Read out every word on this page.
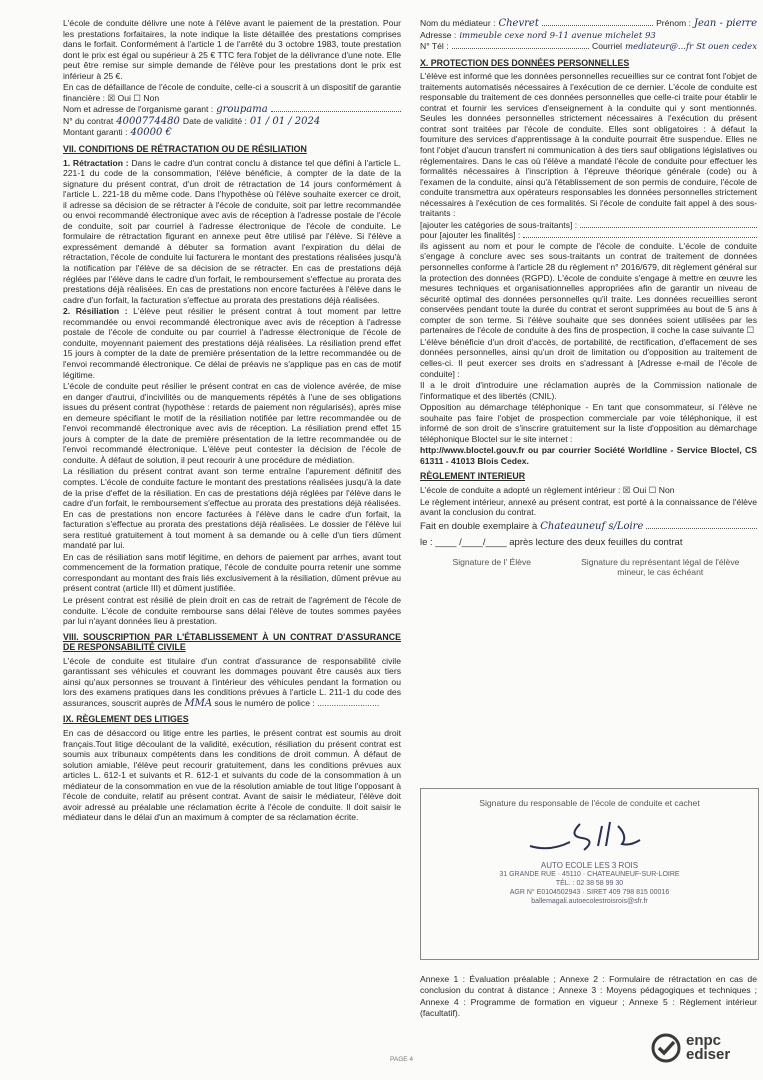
L'école de conduite délivre une note à l'élève avant le paiement de la prestation. Pour les prestations forfaitaires, la note indique la liste détaillée des prestations comprises dans le forfait. Conformément à l'article 1 de l'arrêté du 3 octobre 1983, toute prestation dont le prix est égal ou supérieur à 25 € TTC fera l'objet de la délivrance d'une note. Elle peut être remise sur simple demande de l'élève pour les prestations dont le prix est inférieur à 25 €.

En cas de défaillance de l'école de conduite, celle-ci a souscrit à un dispositif de garantie financière : ☒ Oui ☐ Non

Nom et adresse de l'organisme garant : groupama
N° du contrat 4000774480 Date de validité : 01 / 01 / 2024
Montant garanti : 40000 €
VII. CONDITIONS DE RÉTRACTATION OU DE RÉSILIATION

1. Rétractation : Dans le cadre d'un contrat conclu à distance tel que défini à l'article L. 221-1 du code de la consommation, l'élève bénéficie, à compter de la date de la signature du présent contrat, d'un droit de rétractation de 14 jours conformément à l'article L. 221-18 du même code. Dans l'hypothèse où l'élève souhaite exercer ce droit, il adresse sa décision de se rétracter à l'école de conduite, soit par lettre recommandée ou envoi recommandé électronique avec avis de réception à l'adresse postale de l'école de conduite, soit par courriel à l'adresse électronique de l'école de conduite. Le formulaire de rétractation figurant en annexe peut être utilisé par l'élève. Si l'élève a expressément demandé à débuter sa formation avant l'expiration du délai de rétractation, l'école de conduite lui facturera le montant des prestations réalisées jusqu'à la notification par l'élève de sa décision de se rétracter. En cas de prestations déjà réglées par l'élève dans le cadre d'un forfait, le remboursement s'effectue au prorata des prestations déjà réalisées. En cas de prestations non encore facturées à l'élève dans le cadre d'un forfait, la facturation s'effectue au prorata des prestations déjà réalisées.

2. Résiliation : L'élève peut résilier le présent contrat à tout moment par lettre recommandée ou envoi recommandé électronique avec avis de réception à l'adresse postale de l'école de conduite ou par courriel à l'adresse électronique de l'école de conduite, moyennant paiement des prestations déjà réalisées. La résiliation prend effet 15 jours à compter de la date de première présentation de la lettre recommandée ou de l'envoi recommandé électronique. Ce délai de préavis ne s'applique pas en cas de motif légitime.

L'école de conduite peut résilier le présent contrat en cas de violence avérée, de mise en danger d'autrui, d'incivilités ou de manquements répétés à l'une de ses obligations issues du présent contrat (hypothèse : retards de paiement non régularisés), après mise en demeure spécifiant le motif de la résiliation notifiée par lettre recommandée ou de l'envoi recommandé électronique avec avis de réception. La résiliation prend effet 15 jours à compter de la date de première présentation de la lettre recommandée ou de l'envoi recommandé électronique. L'élève peut contester la décision de l'école de conduite. À défaut de solution, il peut recourir à une procédure de médiation.

La résiliation du présent contrat avant son terme entraîne l'apurement définitif des comptes. L'école de conduite facture le montant des prestations réalisées jusqu'à la date de la prise d'effet de la résiliation. En cas de prestations déjà réglées par l'élève dans le cadre d'un forfait, le remboursement s'effectue au prorata des prestations déjà réalisées. En cas de prestations non encore facturées à l'élève dans le cadre d'un forfait, la facturation s'effectue au prorata des prestations déjà réalisées. Le dossier de l'élève lui sera restitué gratuitement à tout moment à sa demande ou à celle d'un tiers dûment mandaté par lui.

En cas de résiliation sans motif légitime, en dehors de paiement par arrhes, avant tout commencement de la formation pratique, l'école de conduite pourra retenir une somme correspondant au montant des frais liés exclusivement à la résiliation, dûment prévue au présent contrat (article III) et dûment justifiée.

Le présent contrat est résilié de plein droit en cas de retrait de l'agrément de l'école de conduite. L'école de conduite rembourse sans délai l'élève de toutes sommes payées par lui n'ayant données lieu à prestation.

VIII. SOUSCRIPTION PAR L'ÉTABLISSEMENT À UN CONTRAT D'ASSURANCE DE RESPONSABILITÉ CIVILE

L'école de conduite est titulaire d'un contrat d'assurance de responsabilité civile garantissant ses véhicules et couvrant les dommages pouvant être causés aux tiers ainsi qu'aux personnes se trouvant à l'intérieur des véhicules pendant la formation ou lors des examens pratiques dans les conditions prévues à l'article L. 211-1 du code des assurances, souscrit auprès de MMA sous le numéro de police : ..........................

IX. RÈGLEMENT DES LITIGES

En cas de désaccord ou litige entre les parties, le présent contrat est soumis au droit français.Tout litige découlant de la validité, exécution, résiliation du présent contrat est soumis aux tribunaux compétents dans les conditions de droit commun. À défaut de solution amiable, l'élève peut recourir gratuitement, dans les conditions prévues aux articles L. 612-1 et suivants et R. 612-1 et suivants du code de la consommation à un médiateur de la consommation en vue de la résolution amiable de tout litige l'opposant à l'école de conduite, relatif au présent contrat. Avant de saisir le médiateur, l'élève doit avoir adressé au préalable une réclamation écrite à l'école de conduite. Il doit saisir le médiateur dans le délai d'un an maximum à compter de sa réclamation écrite.

Nom du médiateur : Chevret	Prénom : Jean - pierre
Adresse : immeuble cexe nord 9-11 avenue michelet 93
N° Tél :	Courriel mediateur@...fr St ouen cedex
X. PROTECTION DES DONNÉES PERSONNELLES

L'élève est informé que les données personnelles recueillies sur ce contrat font l'objet de traitements automatisés nécessaires à l'exécution de ce dernier. L'école de conduite est responsable du traitement de ces données personnelles que celle-ci traite pour établir le contrat et fournir les services d'enseignement à la conduite qui y sont mentionnés. Seules les données personnelles strictement nécessaires à l'exécution du présent contrat sont traitées par l'école de conduite. Elles sont obligatoires : à défaut la fourniture des services d'apprentissage à la conduite pourrait être suspendue. Elles ne font l'objet d'aucun transfert ni communication à des tiers sauf obligations législatives ou réglementaires. Dans le cas où l'élève a mandaté l'école de conduite pour effectuer les formalités nécessaires à l'inscription à l'épreuve théorique générale (code) ou à l'examen de la conduite, ainsi qu'à l'établissement de son permis de conduire, l'école de conduite transmettra aux opérateurs responsables les données personnelles strictement nécessaires à l'exécution de ces formalités. Si l'école de conduite fait appel à des sous-traitants :

[ajouter les catégories de sous-traitants] :
pour [ajouter les finalités] :

ils agissent au nom et pour le compte de l'école de conduite. L'école de conduite s'engage à conclure avec ses sous-traitants un contrat de traitement de données personnelles conforme à l'article 28 du règlement n° 2016/679, dit règlement général sur la protection des données (RGPD). L'école de conduite s'engage à mettre en œuvre les mesures techniques et organisationnelles appropriées afin de garantir un niveau de sécurité optimal des données personnelles qu'il traite. Les données recueillies seront conservées pendant toute la durée du contrat et seront supprimées au bout de 5 ans à compter de son terme. Si l'élève souhaite que ses données soient utilisées par les partenaires de l'école de conduite à des fins de prospection, il coche la case suivante ☐

L'élève bénéficie d'un droit d'accès, de portabilité, de rectification, d'effacement de ses données personnelles, ainsi qu'un droit de limitation ou d'opposition au traitement de celles-ci. Il peut exercer ses droits en s'adressant à [Adresse e-mail de l'école de conduite] :

Il a le droit d'introduire une réclamation auprès de la Commission nationale de l'informatique et des libertés (CNIL).

Opposition au démarchage téléphonique - En tant que consommateur, si l'élève ne souhaite pas faire l'objet de prospection commerciale par voie téléphonique, il est informé de son droit de s'inscrire gratuitement sur la liste d'opposition au démarchage téléphonique Bloctel sur le site internet :

http://www.bloctel.gouv.fr ou par courrier Société Worldline - Service Bloctel, CS 61311 - 41013 Blois Cedex.

RÈGLEMENT INTERIEUR

L'école de conduite a adopté un règlement intérieur : ☒ Oui ☐ Non

Le règlement intérieur, annexé au présent contrat, est porté à la connaissance de l'élève avant la conclusion du contrat.

Fait en double exemplaire à Chateauneuf s/Loire

le : ____ /____/____ après lecture des deux feuilles du contrat

Signature de l' Élève	Signature du représentant légal de l'élève mineur, le cas échéant
Signature du responsable de l'école de conduite et cachet
AUTO ECOLE LES 3 ROIS
31 GRANDE RUE · 45110 · CHATEAUNEUF-SUR-LOIRE
TÉL. : 02 38 58 99 30
AGR N° E0104502943 · SIRET 409 798 815 00016
ballemagali.autoecolestroisrois@sfr.fr
Annexe 1 : Évaluation préalable ; Annexe 2 : Formulaire de rétractation en cas de conclusion du contrat à distance ; Annexe 3 : Moyens pédagogiques et techniques ; Annexe 4 : Programme de formation en vigueur ; Annexe 5 : Règlement intérieur (facultatif).
PAGE 4
enpc
ediser
